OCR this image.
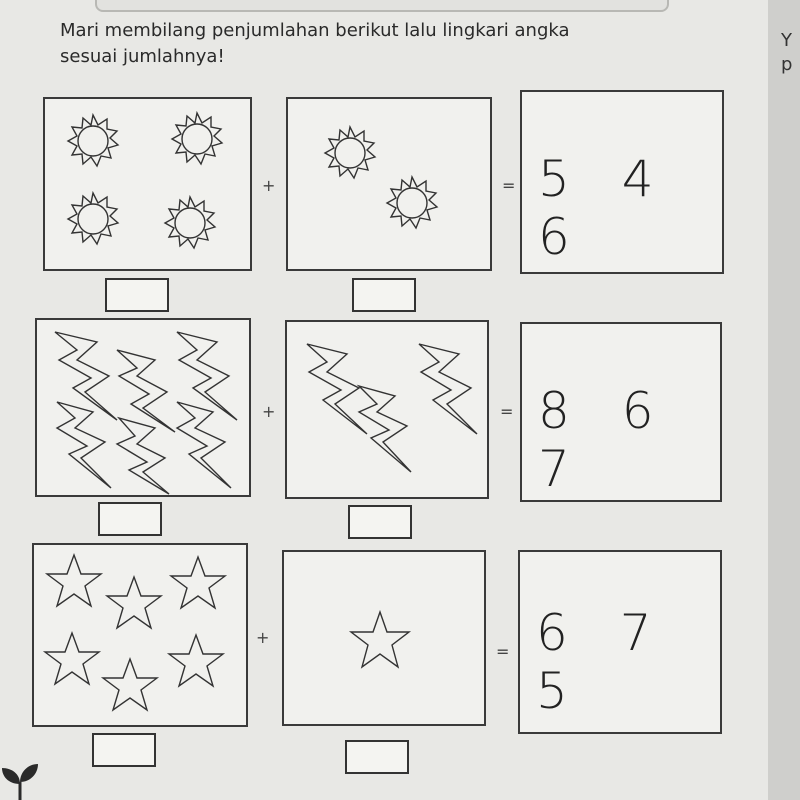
Mari membilang penjumlahan berikut lalu lingkari angka
sesuai jumlahnya!
+	= 5 4 6
+	= 8 6 7
+
= 6 7 5
Y
p
